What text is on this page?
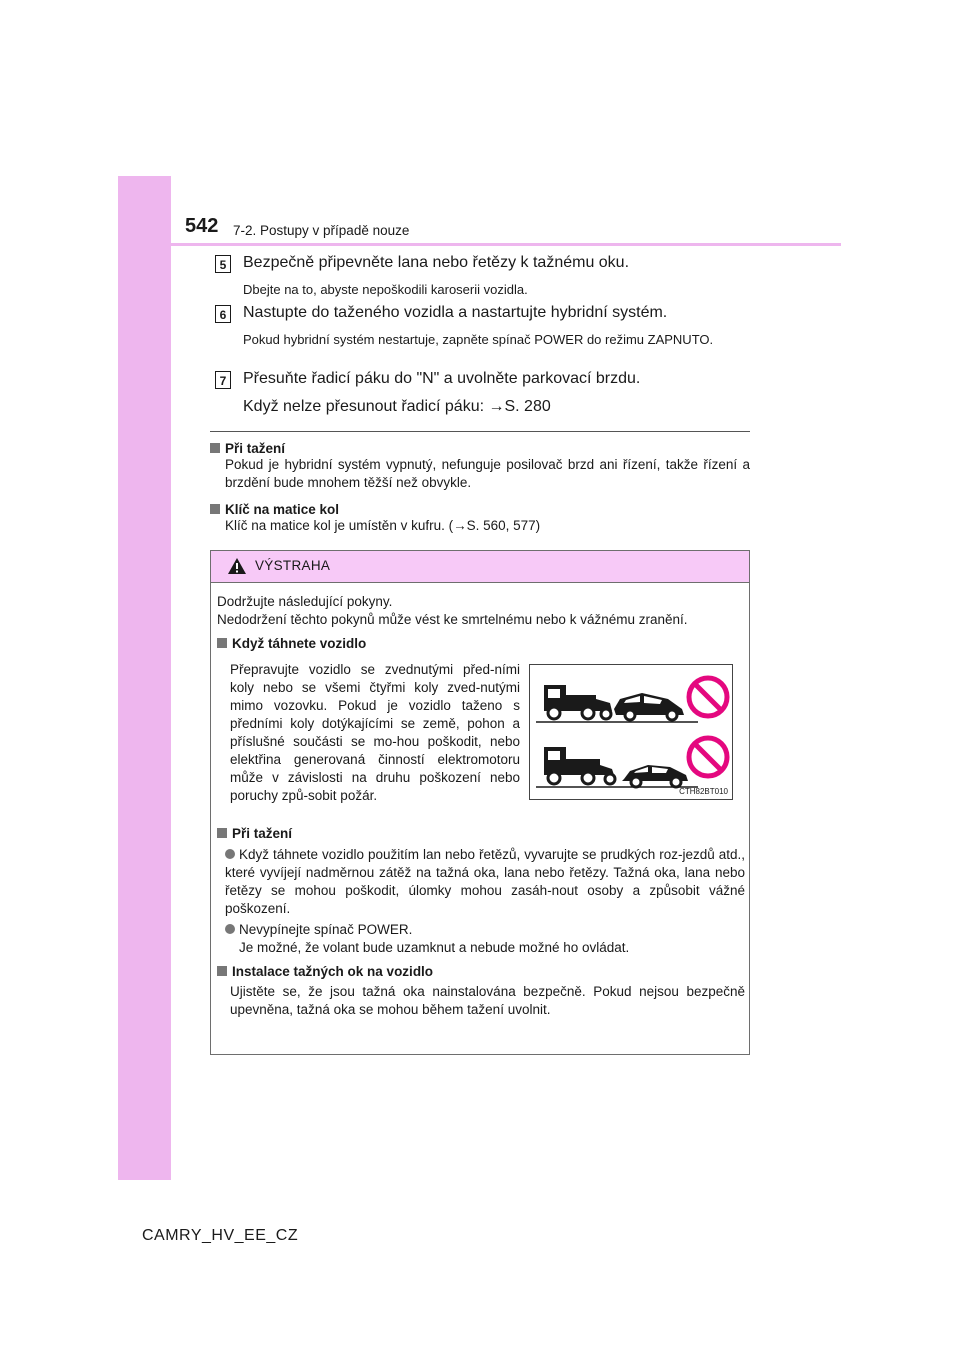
542 7-2. Postupy v případě nouze
5 Bezpečně připevněte lana nebo řetězy k tažnému oku.
Dbejte na to, abyste nepoškodili karoserii vozidla.
6 Nastupte do taženého vozidla a nastartujte hybridní systém.
Pokud hybridní systém nestartuje, zapněte spínač POWER do režimu ZAPNUTO.
7 Přesuňte řadicí páku do "N" a uvolněte parkovací brzdu.
Když nelze přesunout řadicí páku: →S. 280
Při tažení
Pokud je hybridní systém vypnutý, nefunguje posilovač brzd ani řízení, takže řízení a brzdění bude mnohem těžší než obvykle.
Klíč na matice kol
Klíč na matice kol je umístěn v kufru. (→S. 560, 577)
VÝSTRAHA
Dodržujte následující pokyny.
Nedodržení těchto pokynů může vést ke smrtelnému nebo k vážnému zranění.
Když táhnete vozidlo
Přepravujte vozidlo se zvednutými před-ními koly nebo se všemi čtyřmi koly zved-nutými mimo vozovku. Pokud je vozidlo taženo s předními koly dotýkajícími se země, pohon a příslušné součásti se mo-hou poškodit, nebo elektřina generovaná činností elektromotoru může v závislosti na druhu poškození nebo poruchy způ-sobit požár.	CTH82BT010
Při tažení
Když táhnete vozidlo použitím lan nebo řetězů, vyvarujte se prudkých roz-jezdů atd., které vyvíjejí nadměrnou zátěž na tažná oka, lana nebo řetězy. Tažná oka, lana nebo řetězy se mohou poškodit, úlomky mohou zasáh-nout osoby a způsobit vážné poškození.
Nevypínejte spínač POWER.
Je možné, že volant bude uzamknut a nebude možné ho ovládat.
Instalace tažných ok na vozidlo
Ujistěte se, že jsou tažná oka nainstalována bezpečně. Pokud nejsou bezpečně upevněna, tažná oka se mohou během tažení uvolnit.
CAMRY_HV_EE_CZ
